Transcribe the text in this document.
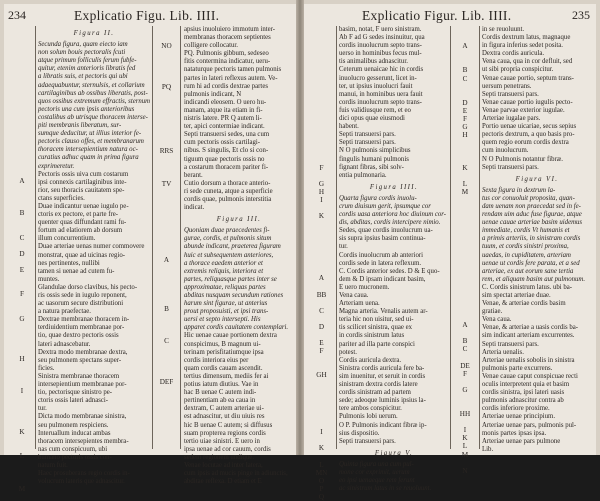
234	Explicatio Figu. Lib. IIII.
Figura II.
Secunda figura, quam eiecto iam
non solum bouis pectoralis fcuti
atque primum folliculis ferum fubfe-
quitur, etenim anterioris libratis fed
a libratis suis, et pectoris qui ubi
adaequabuntur, sternulsis, et collarium
cartilaginibus ab ossibus liberatis, post-
quos ossibus extremum effractis, sternum
pectoris una cum ipsis anterioribus
costalibus ab utrisque thoracem interse-
piti membranis liberatum, sur-
sumque deducitur, ut illius interior fe-
pectoris clauso offes, et membranarum
thoracem intersepientium natura oc-
curatius adhuc quam in prima figura
exprimeretur.
Pectoris ossis uiva cum costarum
ipsi connexis cartilaginibus inte-
rior, seu thoracis cauitatem spe-
ctans superficies.
Duae indicantur uenae iugulo pe-
ctoris ex pectore, et parte fre-
quenter quas diffundant rami fu-
fortum ad elatiorem ab dorsum
illum concurrentium.
Duae arteriae uenas numer commovere
monstrat, quae ad uicinas regio-
nes pertinentes, nullibi
tamen si uenae ad cutem fu-
muntes.
Glandulae dorso clavibus, his pecto-
ris ossis sede in iugulo reponent,
ac uasorum secure distributioni
a natura praefectae.
Dextrae membranae thoracem in-
terdiuidentium membranae por-
tio, quae dextro pectoris ossis
lateri adnascebatur.
Dextra modo membranae dextra,
seu pulmonem spectans super-
ficies.
Sinistra membranae thoracem
intersepientium membranae por-
tio, pectorisque sinistro pe-
ctoris ossis lateri adnasci-
tur.
Dicta modo membranae sinistra,
seu pulmonem respiciens.
Interuallum inducat ambas
thoracem intersepientes membra-
nas cum conspicuum, ubi
humano pectoris ossis con-
natum fuit.
Haec prosuberans regio cordis in-
volucrum lateris que adnascitur.
A
B
C
D
E
F
G
H
I
K
L
M
apsius inuoluiero immotum inter-
membranas thoracem septientes
colligere collocatur.
PQ. Pulmonis gibbum, sedeseo
fitis contermina indicatur, ueru-
nataturque pectoris tamen pulmonis
partes in lateri reflexus autem. Ve-
rum hi ad cordis dextrae partes
pulmonis indicant, N
indicandi eleosem. O uero hu-
manam, atque ita etiam in fi-
nistris latere. PR Q autem li-
ter, apici contermiae indicant.
Septi transuersi sedes, una cum
cum pectoris ossis cartilagi-
nibus. S singulis, Et clo si con-
tiguum quae pectoris ossis no
a costarum thoracem pariter fi-
berant.
Cutio dorsum a thorace anterio-
ri sede cuneta, atque a superficie
cordis quae, pulmonis interstitia
indicat.
Figura III.
Quoniam duae praecedentes fi-
gurae, cordis, et pulmonis situm
abunde indicant, praeterea figuram
huic et subsequentem anteriores,
a thorace eaedem anterior et
extremis reliquis, interiora et
partes, reliquasque partes inter se
approximatae, reliquas partes
abditas nusquam secundum rationes
harum sint figurae, ut anterius
prout proposuisti, et ipsi trans-
uersi et septo intersepti. His
apparet cordis cauitatem contemplari.
Hic uenae cauae portionem dextra
conspicimus, B magnum ui-
terinam perisfitatiumque ipsa
cordis interiora eius per
quam cordis cauam ascendit.
tertius dimensum, mediis fer ai
potius iatum diutius. Vae in
hac B uenae C autem indi-
pertinentiam ab ea caua in
dextram, C autem arteriae ui-
est adnascitur, ut diu uiuis res
hic B uenae C autem; si diffusus
suam propterea regions cordis
tertio uiae sinistri. E uero in
ipsa uenae ad cor cauum, cordis
sedem regionem undique.
Venae locutae ad inter latera,
cum ipsis ad mucis pinge in adiunctis,
abditae reflexa. D etiam et E
NO
PQ
RRS
TV
A
B
C
DEF
Explicatio Figur. Lib. IIII.	235
basim, notat, F uero sinistram.
Ab F ad G sedes insinuitur, qua
cordis inuolucrum septo trans-
uerso in hominibus fecus mul-
tis animalibus adnascitur.
Ceterum uenaicae hic in cordis
inuolucro gesserunt, licet in-
ter, ut ipsius inuolucri fauit
manui, in hominibus uera fauit
cordis inuolucrum septo trans-
fuis validiusque rem, et eo
dici opus quae eiusmodi
habent.
Septi transuersi pars.
Septi transuersi pars.
N O pulmonis simplicibus
fingulis humani pulmonis
fignant fibras, sibi solv-
entia pulmonaria.
Figura IIII.
Quarta figura cordis inuolu-
crum diuisum gerit, ipsumque cor
cordis uasa anteriora hoc diuinum cor-
dis, abditas, cordis intercipere nimio.
Sedes, quae cordis inuolucrum ua-
sis supra ipsius basim continua-
tur.
Cordis inuolucrum ab anteriori
cordis sede in latera reflexum.
C. Cordis anterior sedes. D & E quo-
dem & D ipsam indicant basim,
E uero mucronem.
Vena caua.
Arteriam uena.
Magna arteria. Venalis autem ar-
teria hic non uisitur, sed ui-
tis scilicet sinistra, quae ex
in cordis sinistrum latus
pariter ad illa parte conspici
potest.
Cordis auricula dextra.
Sinistra cordis auricula fere ba-
sim inuenitur, et seruit in cordis
sinistram dextra cordis latere
cordis sinistram ad partem
sede; adeoque luminis ipsius la-
tere ambos conspicitur.
Pulmonis lobi uerum.
O P. Pulmonis indicant fibræ ip-
sius dispositio.
Septi transuersi pars.
Figura V.
Quinta figura una cum pul-
mone cor exprimit, uerum
eo ipsi uenaeque rem ferunt
ac sinistrum latus in se reuoluunt.
F
G
H
I
K
A
BB
C
D
E
F
GH
I
K
L
MN
O
P
Q
in se reuoluunt.
Cordis dextrum latus, magnaque
in figura inferius sedet posita.
Dextra cordis auricula.
Vena caua, qua in cor defluit, sed
ut sibi propria conspicitur.
Venae cauae portio, septum trans-
uersum penetrans.
Septi transuersi pars.
Venae cauae portio iugulis pecto-
Venae parvae exterior iugulae.
Arteriae iugalae pars.
Portio uenae uicariae, secus sepius
pectoris dextrum, a quo basis pro-
quem regio eorum cordis dextra
cum inuolucrum.
N O Pulmonis notantur fibræ.
Septi transuersi pars.
Figura VI.
Sexta figura in dextrum la-
tus cor conuoluit proposita, quan-
dam uenam non praecedat sed in fe-
rendam uim aduc fuse figurae, atque
uenae cauae arteriae basim uidemus
immediate, cordis Vt humanis et
a primis arteriis, in sinistram cordis
tuum, et cordis sinistri proxima,
uaedas, in cupiditatem, arteriam
uenae ut cordis fere parata, et a sed
arteriae, ex aut eorum sane tertia
rem, et aliquam basim aut pulmonum.
C. Cordis sinistrum latus. ubi ba-
sim spectat arteriae duae.
Venae, & arteriae cordis basim
gratiae.
Vena caua.
Venae, & arteriae a uasis cordis ba-
sim indicant arteriam excurrentes.
Septi transuersi pars.
Arteria uenalis.
Arteriae uenalis sobolis in sinistra
pulmonis parte excurrens.
Venae cauae caput conspicuae recti
oculis interpretent quia et basim
cordis sinistra, ipsi lateri uasis
pulmonis adnascitur contra ab
cordis inferiore proxime.
Arteriae uenae principium.
Arteriae uenae pars, pulmonis pul-
monis partes ipsas ipsa.
Arteriae uenae pars pulmone
Lib.
A
B
C
D
E
F
G
H
K
L
M
A
B
C
DE
F
G
HH
I
K
L
M
N
